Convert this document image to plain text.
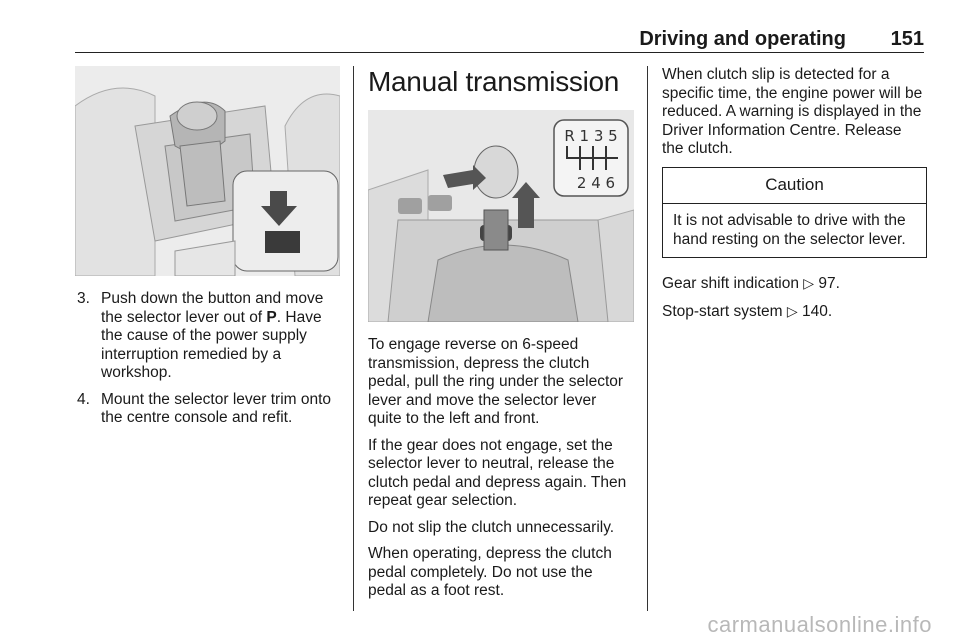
Driving and operating 151
3. Push down the button and move the selector lever out of P. Have the cause of the power supply interruption remedied by a workshop.
4. Mount the selector lever trim onto the centre console and refit.
Manual transmission
R 1 3 5
2 4 6

To engage reverse on 6-speed transmission, depress the clutch pedal, pull the ring under the selector lever and move the selector lever quite to the left and front.

If the gear does not engage, set the selector lever to neutral, release the clutch pedal and depress again. Then repeat gear selection.

Do not slip the clutch unnecessarily.

When operating, depress the clutch pedal completely. Do not use the pedal as a foot rest.

When clutch slip is detected for a specific time, the engine power will be reduced. A warning is displayed in the Driver Information Centre. Release the clutch.

Caution
It is not advisable to drive with the hand resting on the selector lever.

Gear shift indication ▷ 97.

Stop-start system ▷ 140.

carmanualsonline.info
